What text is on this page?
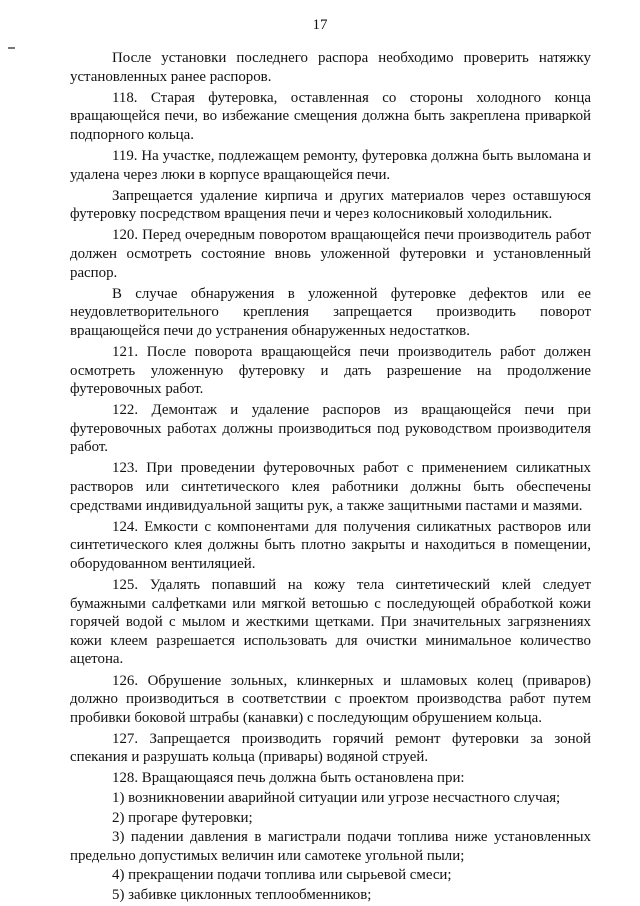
17

После установки последнего распора необходимо проверить натяжку установленных ранее распоров.

118. Старая футеровка, оставленная со стороны холодного конца вращающейся печи, во избежание смещения должна быть закреплена приваркой подпорного кольца.

119. На участке, подлежащем ремонту, футеровка должна быть выломана и удалена через люки в корпусе вращающейся печи.

Запрещается удаление кирпича и других материалов через оставшуюся футеровку посредством вращения печи и через колосниковый холодильник.

120. Перед очередным поворотом вращающейся печи производитель работ должен осмотреть состояние вновь уложенной футеровки и установленный распор.

В случае обнаружения в уложенной футеровке дефектов или ее неудовлетворительного крепления запрещается производить поворот вращающейся печи до устранения обнаруженных недостатков.

121. После поворота вращающейся печи производитель работ должен осмотреть уложенную футеровку и дать разрешение на продолжение футеровочных работ.

122. Демонтаж и удаление распоров из вращающейся печи при футеровочных работах должны производиться под руководством производителя работ.

123. При проведении футеровочных работ с применением силикатных растворов или синтетического клея работники должны быть обеспечены средствами индивидуальной защиты рук, а также защитными пастами и мазями.

124. Емкости с компонентами для получения силикатных растворов или синтетического клея должны быть плотно закрыты и находиться в помещении, оборудованном вентиляцией.

125. Удалять попавший на кожу тела синтетический клей следует бумажными салфетками или мягкой ветошью с последующей обработкой кожи горячей водой с мылом и жесткими щетками. При значительных загрязнениях кожи клеем разрешается использовать для очистки минимальное количество ацетона.

126. Обрушение зольных, клинкерных и шламовых колец (приваров) должно производиться в соответствии с проектом производства работ путем пробивки боковой штрабы (канавки) с последующим обрушением кольца.

127. Запрещается производить горячий ремонт футеровки за зоной спекания и разрушать кольца (привары) водяной струей.

128. Вращающаяся печь должна быть остановлена при:

1) возникновении аварийной ситуации или угрозе несчастного случая;

2) прогаре футеровки;

3) падении давления в магистрали подачи топлива ниже установленных предельно допустимых величин или самотеке угольной пыли;

4) прекращении подачи топлива или сырьевой смеси;

5) забивке циклонных теплообменников;
